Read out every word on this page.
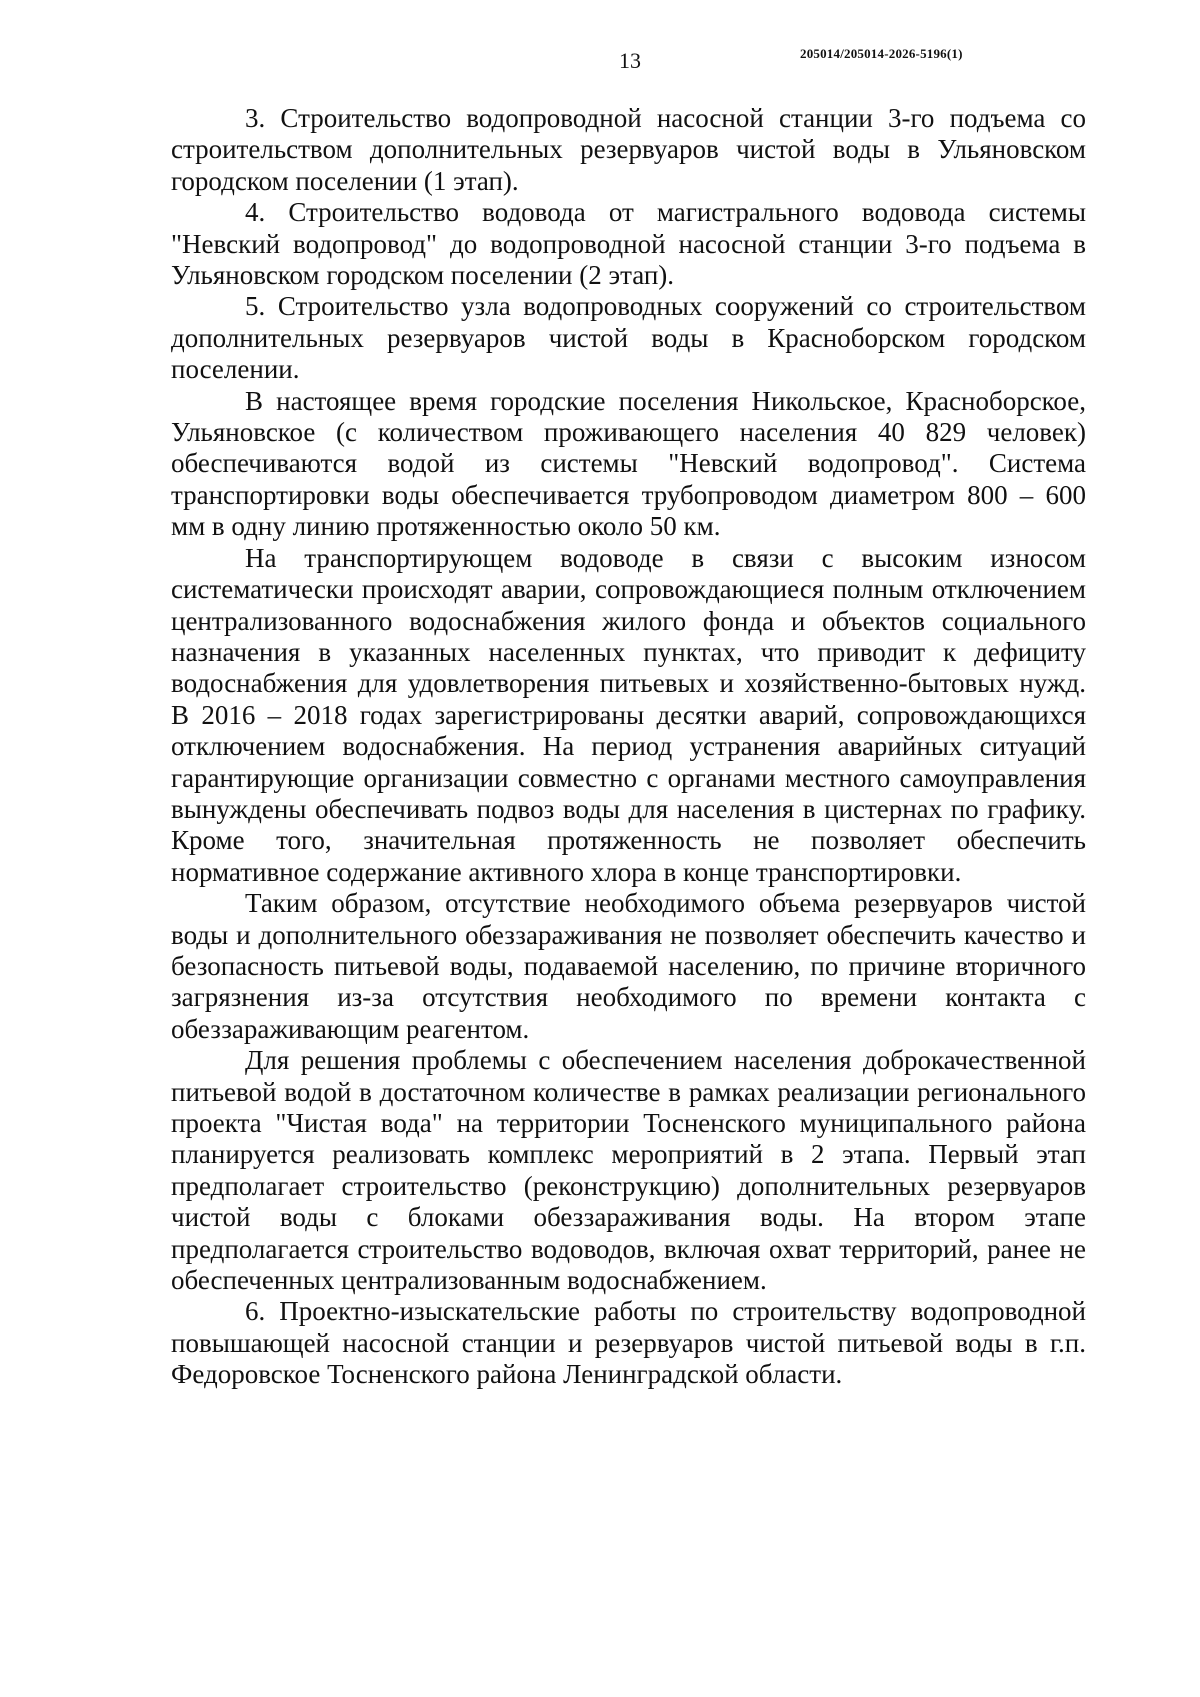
13	205014/205014-2026-5196(1)

3. Строительство водопроводной насосной станции 3-го подъема со строительством дополнительных резервуаров чистой воды в Ульяновском городском поселении (1 этап).

4. Строительство водовода от магистрального водовода системы "Невский водопровод" до водопроводной насосной станции 3-го подъема в Ульяновском городском поселении (2 этап).

5. Строительство узла водопроводных сооружений со строительством дополнительных резервуаров чистой воды в Красноборском городском поселении.

В настоящее время городские поселения Никольское, Красноборское, Ульяновское (с количеством проживающего населения 40 829 человек) обеспечиваются водой из системы "Невский водопровод". Система транспортировки воды обеспечивается трубопроводом диаметром 800 – 600 мм в одну линию протяженностью около 50 км.

На транспортирующем водоводе в связи с высоким износом систематически происходят аварии, сопровождающиеся полным отключением централизованного водоснабжения жилого фонда и объектов социального назначения в указанных населенных пунктах, что приводит к дефициту водоснабжения для удовлетворения питьевых и хозяйственно-бытовых нужд. В 2016 – 2018 годах зарегистрированы десятки аварий, сопровождающихся отключением водоснабжения. На период устранения аварийных ситуаций гарантирующие организации совместно с органами местного самоуправления вынуждены обеспечивать подвоз воды для населения в цистернах по графику. Кроме того, значительная протяженность не позволяет обеспечить нормативное содержание активного хлора в конце транспортировки.

Таким образом, отсутствие необходимого объема резервуаров чистой воды и дополнительного обеззараживания не позволяет обеспечить качество и безопасность питьевой воды, подаваемой населению, по причине вторичного загрязнения из-за отсутствия необходимого по времени контакта с обеззараживающим реагентом.

Для решения проблемы с обеспечением населения доброкачественной питьевой водой в достаточном количестве в рамках реализации регионального проекта "Чистая вода" на территории Тосненского муниципального района планируется реализовать комплекс мероприятий в 2 этапа. Первый этап предполагает строительство (реконструкцию) дополнительных резервуаров чистой воды с блоками обеззараживания воды. На втором этапе предполагается строительство водоводов, включая охват территорий, ранее не обеспеченных централизованным водоснабжением.

6. Проектно-изыскательские работы по строительству водопроводной повышающей насосной станции и резервуаров чистой питьевой воды в г.п. Федоровское Тосненского района Ленинградской области.
